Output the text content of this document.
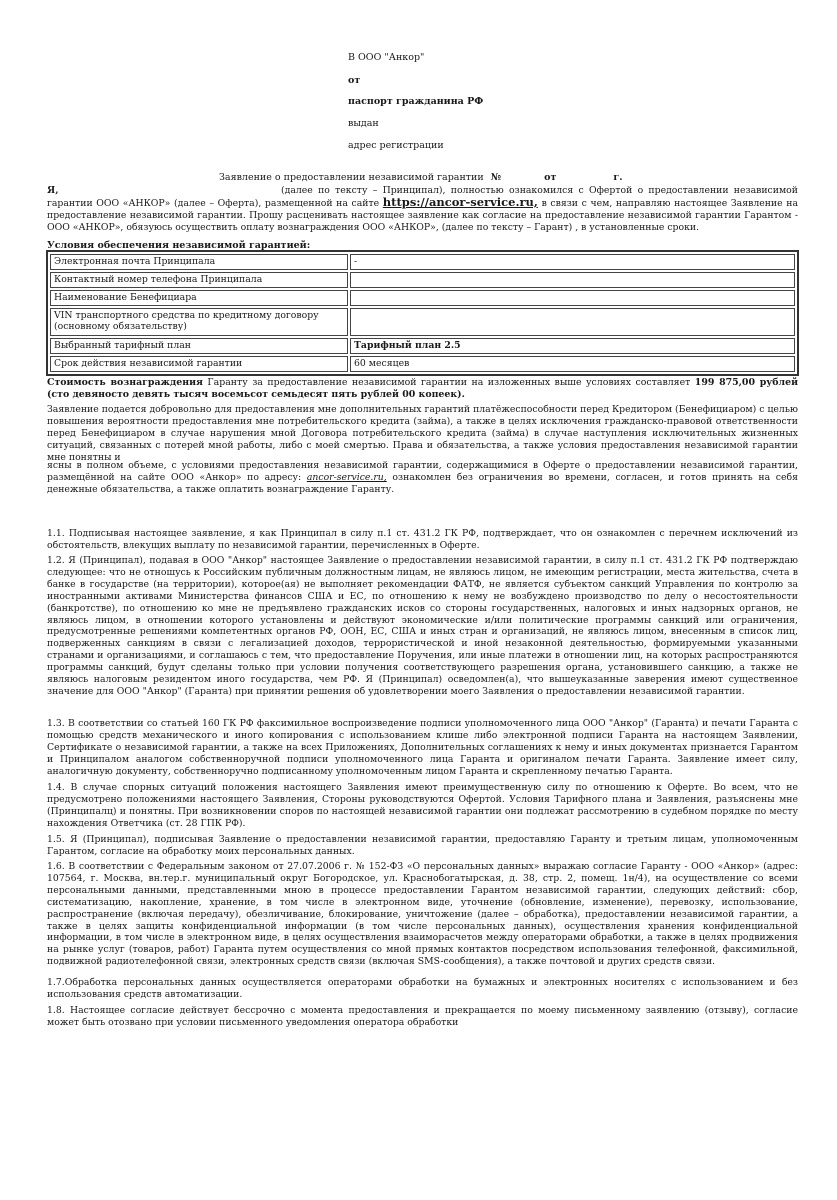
В ООО "Анкор"
от
паспорт гражданина РФ
выдан
адрес регистрации
Заявление о предоставлении независимой гарантии №	от	г.
Я,	(далее по тексту – Принципал), полностью ознакомился с Офертой о предоставлении независимой гарантии ООО «АНКОР» (далее – Оферта), размещенной на сайте https://ancor-service.ru, в связи с чем, направляю настоящее Заявление на предоставление независимой гарантии. Прошу расценивать настоящее заявление как согласие на предоставление независимой гарантии Гарантом - ООО «АНКОР», обязуюсь осуществить оплату вознаграждения ООО «АНКОР», (далее по тексту – Гарант) , в установленные сроки.
Условия обеспечения независимой гарантией:
Электронная почта Принципала	-
Контактный номер телефона Принципала	
Наименование Бенефициара	
VIN транспортного средства по кредитному договору (основному обязательству)	
Выбранный тарифный план	Тарифный план 2.5
Срок действия независимой гарантии	60 месяцев
Стоимость вознаграждения Гаранту за предоставление независимой гарантии на изложенных выше условиях составляет 199 875,00 рублей (сто девяносто девять тысяч восемьсот семьдесят пять рублей 00 копеек).
Заявление подается добровольно для предоставления мне дополнительных гарантий платёжеспособности перед Кредитором (Бенефициаром) с целью повышения вероятности предоставления мне потребительского кредита (займа), а также в целях исключения гражданско-правовой ответственности перед Бенефициаром в случае нарушения мной Договора потребительского кредита (займа) в случае наступления исключительных жизненных ситуаций, связанных с потерей мной работы, либо с моей смертью. Права и обязательства, а также условия предоставления независимой гарантии мне понятны и
ясны в полном объеме, с условиями предоставления независимой гарантии, содержащимися в Оферте о предоставлении независимой гарантии, размещённой на сайте ООО «Анкор» по адресу: ancor-service.ru, ознакомлен без ограничения во времени, согласен, и готов принять на себя денежные обязательства, а также оплатить вознаграждение Гаранту.
1.1. Подписывая настоящее заявление, я как Принципал в силу п.1 ст. 431.2 ГК РФ, подтверждает, что он ознакомлен с перечнем исключений из обстоятельств, влекущих выплату по независимой гарантии, перечисленных в Оферте.
1.2. Я (Принципал), подавая в ООО "Анкор" настоящее Заявление о предоставлении независимой гарантии, в силу п.1 ст. 431.2 ГК РФ подтверждаю следующее: что не отношусь к Российским публичным должностным лицам, не являюсь лицом, не имеющим регистрации, места жительства, счета в банке в государстве (на территории), которое(ая) не выполняет рекомендации ФАТФ, не является субъектом санкций Управления по контролю за иностранными активами Министерства финансов США и ЕС, по отношению к нему не возбуждено производство по делу о несостоятельности (банкротстве), по отношению ко мне не предъявлено гражданских исков со стороны государственных, налоговых и иных надзорных органов, не являюсь лицом, в отношении которого установлены и действуют экономические и/или политические программы санкций или ограничения, предусмотренные решениями компетентных органов РФ, ООН, ЕС, США и иных стран и организаций, не являюсь лицом, внесенным в список лиц, подверженных санкциям в связи с легализацией доходов, террористической и иной незаконной деятельностью, формируемыми указанными странами и организациями, и соглашаюсь с тем, что предоставление Поручения, или иные платежи в отношении лиц, на которых распространяются программы санкций, будут сделаны только при условии получения соответствующего разрешения органа, установившего санкцию, а также не являюсь налоговым резидентом иного государства, чем РФ. Я (Принципал) осведомлен(а), что вышеуказанные заверения имеют существенное значение для ООО "Анкор" (Гаранта) при принятии решения об удовлетворении моего Заявления о предоставлении независимой гарантии.
1.3. В соответствии со статьей 160 ГК РФ факсимильное воспроизведение подписи уполномоченного лица ООО "Анкор" (Гаранта) и печати Гаранта с помощью средств механического и иного копирования с использованием клише либо электронной подписи Гаранта на настоящем Заявлении, Сертификате о независимой гарантии, а также на всех Приложениях, Дополнительных соглашениях к нему и иных документах признается Гарантом и Принципалом аналогом собственноручной подписи уполномоченного лица Гаранта и оригиналом печати Гаранта. Заявление имеет силу, аналогичную документу, собственноручно подписанному уполномоченным лицом Гаранта и скрепленному печатью Гаранта.
1.4. В случае спорных ситуаций положения настоящего Заявления имеют преимущественную силу по отношению к Оферте. Во всем, что не предусмотрено положениями настоящего Заявления, Стороны руководствуются Офертой. Условия Тарифного плана и Заявления, разъяснены мне (Принципалц) и понятны. При возникновении споров по настоящей независимой гарантии они подлежат рассмотрению в судебном порядке по месту нахождения Ответчика (ст. 28 ГПК РФ).
1.5. Я (Принципал), подписывая Заявление о предоставлении независимой гарантии, предоставляю Гаранту и третьим лицам, уполномоченным Гарантом, согласие на обработку моих персональных данных.
1.6. В соответствии с Федеральным законом от 27.07.2006 г. № 152-ФЗ «О персональных данных» выражаю согласие Гаранту - ООО «Анкор» (адрес: 107564, г. Москва, вн.тер.г. муниципальный округ Богородское, ул. Краснобогатырская, д. 38, стр. 2, помещ. 1н/4), на осуществление со всеми персональными данными, представленными мною в процессе предоставлении Гарантом независимой гарантии, следующих действий: сбор, систематизацию, накопление, хранение, в том числе в электронном виде, уточнение (обновление, изменение), перевозку, использование, распространение (включая передачу), обезличивание, блокирование, уничтожение (далее – обработка), предоставлении независимой гарантии, а также в целях защиты конфиденциальной информации (в том числе персональных данных), осуществления хранения конфиденциальной информации, в том числе в электронном виде, в целях осуществления взаиморасчетов между операторами обработки, а также в целях продвижения на рынке услуг (товаров, работ) Гаранта путем осуществления со мной прямых контактов посредством использования телефонной, факсимильной, подвижной радиотелефонной связи, электронных средств связи (включая SMS-сообщения), а также почтовой и других средств связи.
1.7.Обработка персональных данных осуществляется операторами обработки на бумажных и электронных носителях с использованием и без использования средств автоматизации.
1.8. Настоящее согласие действует бессрочно с момента предоставления и прекращается по моему письменному заявлению (отзыву), согласие может быть отозвано при условии письменного уведомления оператора обработки
